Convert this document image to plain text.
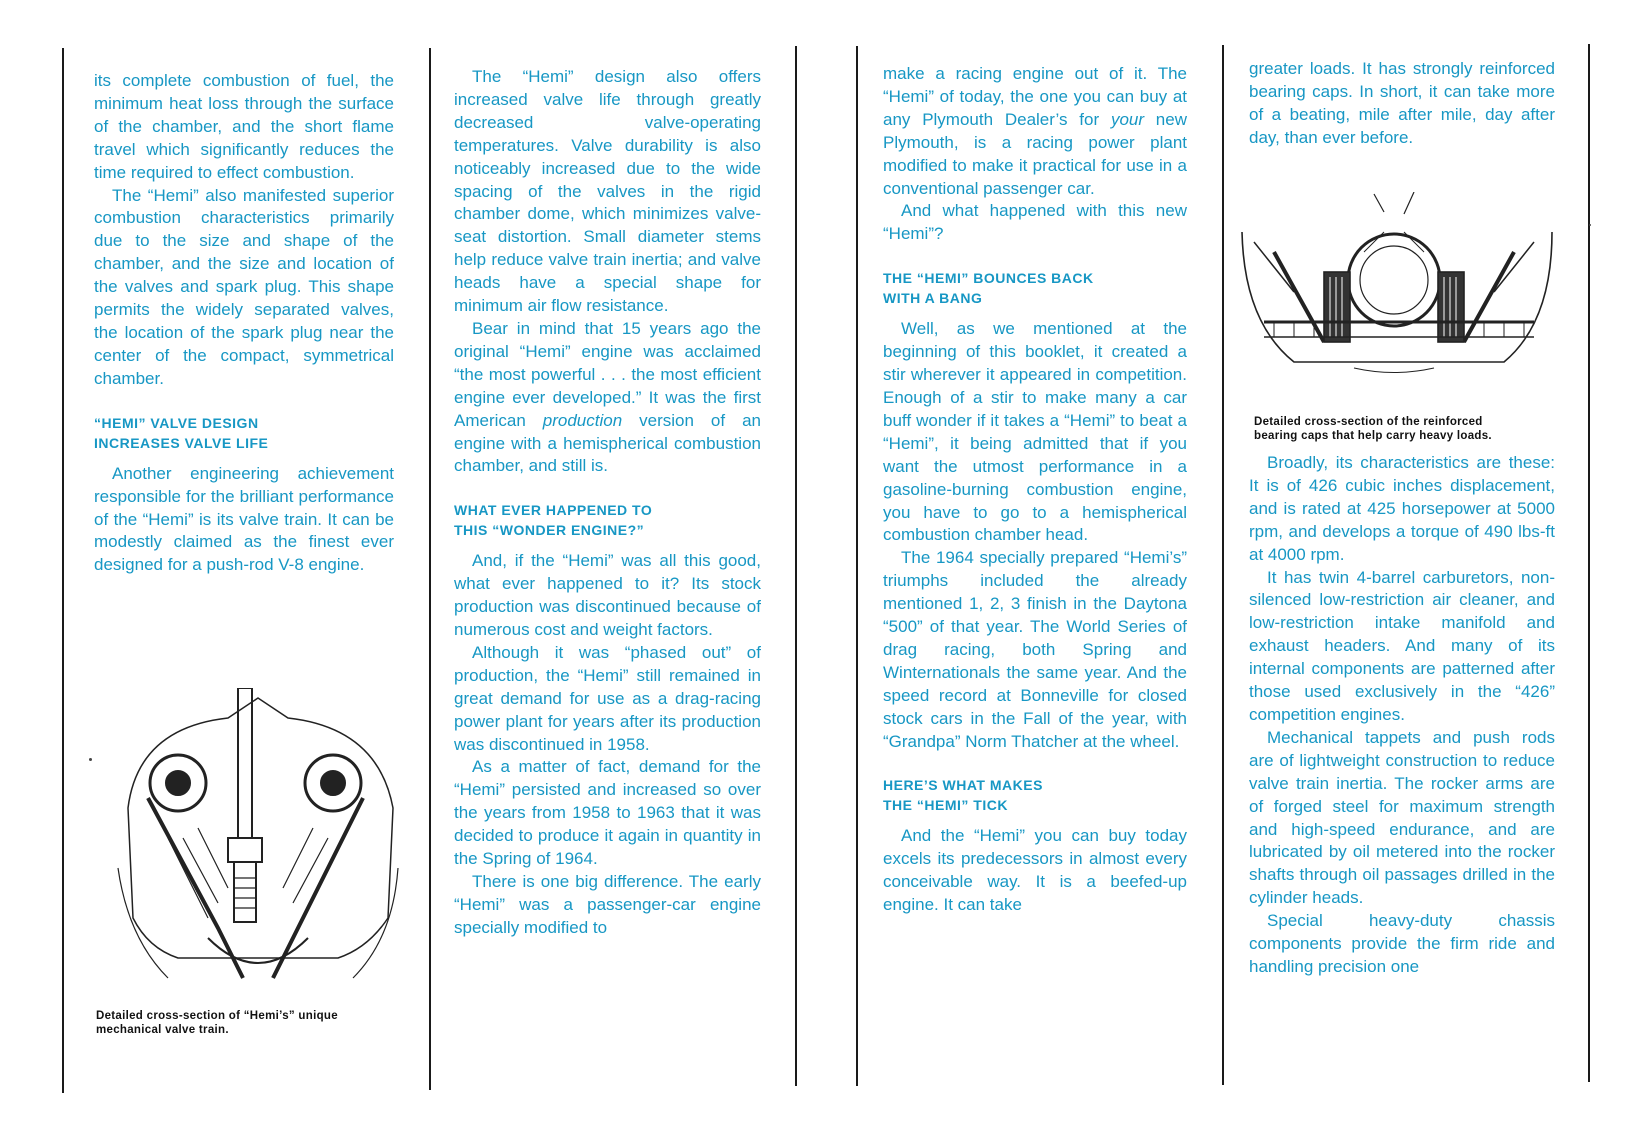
its complete combustion of fuel, the minimum heat loss through the surface of the chamber, and the short flame travel which significantly reduces the time required to effect combustion.

The “Hemi” also manifested superior combustion characteristics primarily due to the size and shape of the chamber, and the size and location of the valves and spark plug. This shape permits the widely separated valves, the location of the spark plug near the center of the compact, symmetrical chamber.

“HEMI” VALVE DESIGN
INCREASES VALVE LIFE

Another engineering achievement responsible for the brilliant performance of the “Hemi” is its valve train. It can be modestly claimed as the finest ever designed for a push-rod V-8 engine.

Detailed cross-section of “Hemi’s” unique
mechanical valve train.

The “Hemi” design also offers increased valve life through greatly decreased valve-operating temperatures. Valve durability is also noticeably increased due to the wide spacing of the valves in the rigid chamber dome, which minimizes valve-seat distortion. Small diameter stems help reduce valve train inertia; and valve heads have a special shape for minimum air flow resistance.

Bear in mind that 15 years ago the original “Hemi” engine was acclaimed “the most powerful . . . the most efficient engine ever developed.” It was the first American production version of an engine with a hemispherical combustion chamber, and still is.

WHAT EVER HAPPENED TO
THIS “WONDER ENGINE?”

And, if the “Hemi” was all this good, what ever happened to it? Its stock production was discontinued because of numerous cost and weight factors.

Although it was “phased out” of production, the “Hemi” still remained in great demand for use as a drag-racing power plant for years after its production was discontinued in 1958.

As a matter of fact, demand for the “Hemi” persisted and increased so over the years from 1958 to 1963 that it was decided to produce it again in quantity in the Spring of 1964.

There is one big difference. The early “Hemi” was a passenger-car engine specially modified to

make a racing engine out of it. The “Hemi” of today, the one you can buy at any Plymouth Dealer’s for your new Plymouth, is a racing power plant modified to make it practical for use in a conventional passenger car.

And what happened with this new “Hemi”?

THE “HEMI” BOUNCES BACK
WITH A BANG

Well, as we mentioned at the beginning of this booklet, it created a stir wherever it appeared in competition. Enough of a stir to make many a car buff wonder if it takes a “Hemi” to beat a “Hemi”, it being admitted that if you want the utmost performance in a gasoline-burning combustion engine, you have to go to a hemispherical combustion chamber head.

The 1964 specially prepared “Hemi’s” triumphs included the already mentioned 1, 2, 3 finish in the Daytona “500” of that year. The World Series of drag racing, both Spring and Winternationals the same year. And the speed record at Bonneville for closed stock cars in the Fall of the year, with “Grandpa” Norm Thatcher at the wheel.

HERE’S WHAT MAKES
THE “HEMI” TICK

And the “Hemi” you can buy today excels its predecessors in almost every conceivable way. It is a beefed-up engine. It can take

greater loads. It has strongly reinforced bearing caps. In short, it can take more of a beating, mile after mile, day after day, than ever before.

Detailed cross-section of the reinforced
bearing caps that help carry heavy loads.

Broadly, its characteristics are these: It is of 426 cubic inches displacement, and is rated at 425 horsepower at 5000 rpm, and develops a torque of 490 lbs-ft at 4000 rpm.

It has twin 4-barrel carburetors, non-silenced low-restriction air cleaner, and low-restriction intake manifold and exhaust headers. And many of its internal components are patterned after those used exclusively in the “426” competition engines.

Mechanical tappets and push rods are of lightweight construction to reduce valve train inertia. The rocker arms are of forged steel for maximum strength and high-speed endurance, and are lubricated by oil metered into the rocker shafts through oil passages drilled in the cylinder heads.

Special heavy-duty chassis components provide the firm ride and handling precision one
